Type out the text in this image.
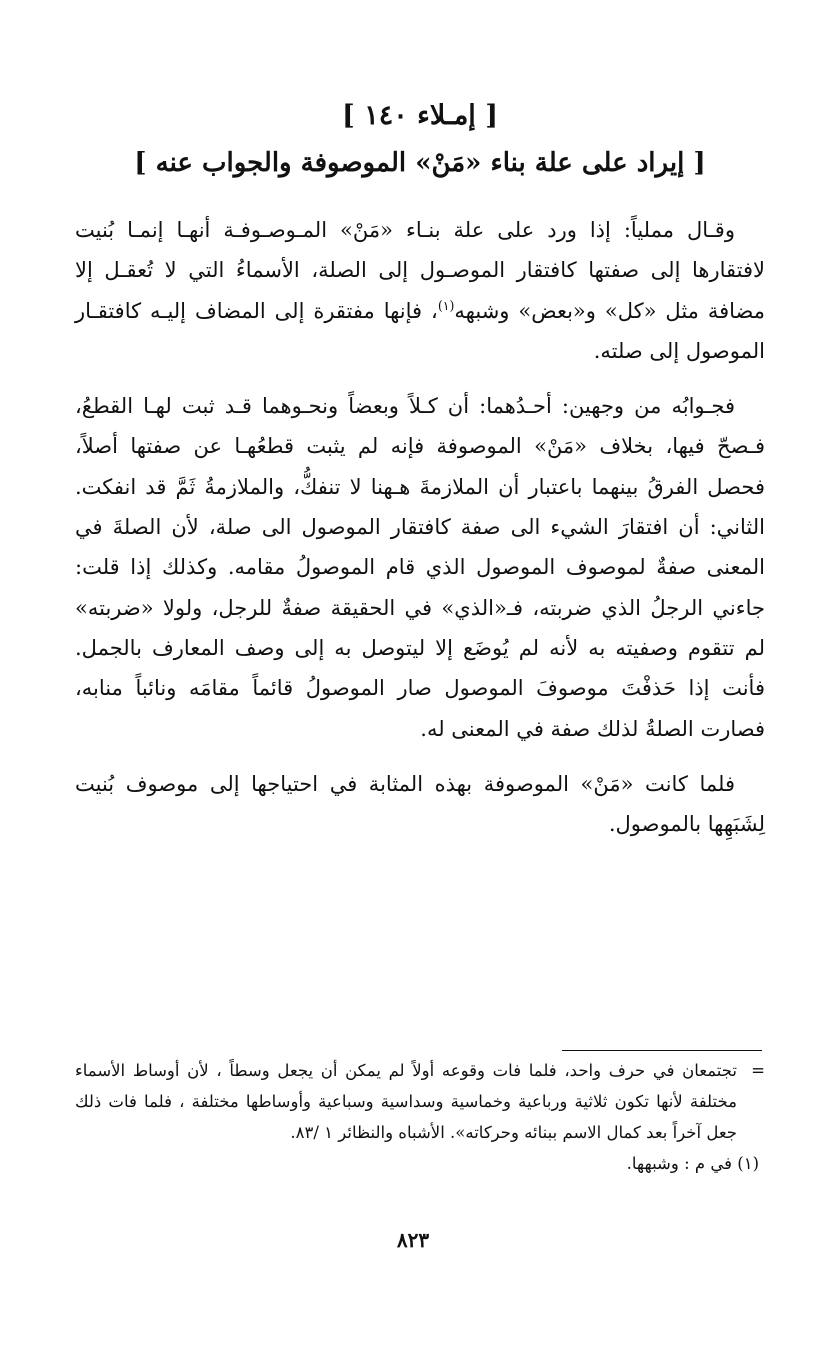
[ إمـلاء ١٤٠ ]
[ إيراد على علة بناء «مَنْ» الموصوفة والجواب عنه ]

وقـال مملياً: إذا ورد على علة بنـاء «مَنْ» المـوصـوفـة أنهـا إنمـا بُنيت لافتقارها إلى صفتها كافتقار الموصـول إلى الصلة، الأسماءُ التي لا تُعقـل إلا مضافة مثل «كل» و«بعض» وشبهه$^{(١)}$، فإنها مفتقرة إلى المضاف إليـه كافتقـار الموصول إلى صلته.

فجـوابُه من وجهين: أحـدُهما: أن كـلاً وبعضاً ونحـوهما قـد ثبت لهـا القطعُ، فـصحّ فيها، بخلاف «مَنْ» الموصوفة فإنه لم يثبت قطعُهـا عن صفتها أصلاً، فحصل الفرقُ بينهما باعتبار أن الملازمةَ هـهنا لا تنفكُّ، والملازمةُ ثَمَّ قد انفكت. الثاني: أن افتقارَ الشيء الى صفة كافتقار الموصول الى صلة، لأن الصلةَ في المعنى صفةٌ لموصوف الموصول الذي قام الموصولُ مقامه. وكذلك إذا قلت: جاءني الرجلُ الذي ضربته، فـ«الذي» في الحقيقة صفةٌ للرجل، ولولا «ضربته» لم تتقوم وصفيته به لأنه لم يُوضَع إلا ليتوصل به إلى وصف المعارف بالجمل. فأنت إذا حَذفْتَ موصوفَ الموصول صار الموصولُ قائماً مقامَه ونائباً منابه، فصارت الصلةُ لذلك صفة في المعنى له.

فلما كانت «مَنْ» الموصوفة بهذه المثابة في احتياجها إلى موصوف بُنيت لِشَبَهِها بالموصول.

=
تجتمعان في حرف واحد، فلما فات وقوعه أولاً لم يمكن أن يجعل وسطاً ، لأن أوساط الأسماء مختلفة لأنها تكون ثلاثية ورباعية وخماسية وسداسية وسباعية وأوساطها مختلفة ، فلما فات ذلك جعل آخراً بعد كمال الاسم ببنائه وحركاته». الأشباه والنظائر ١ /٨٣.
(١) في م : وشبهها.
٨٢٣
